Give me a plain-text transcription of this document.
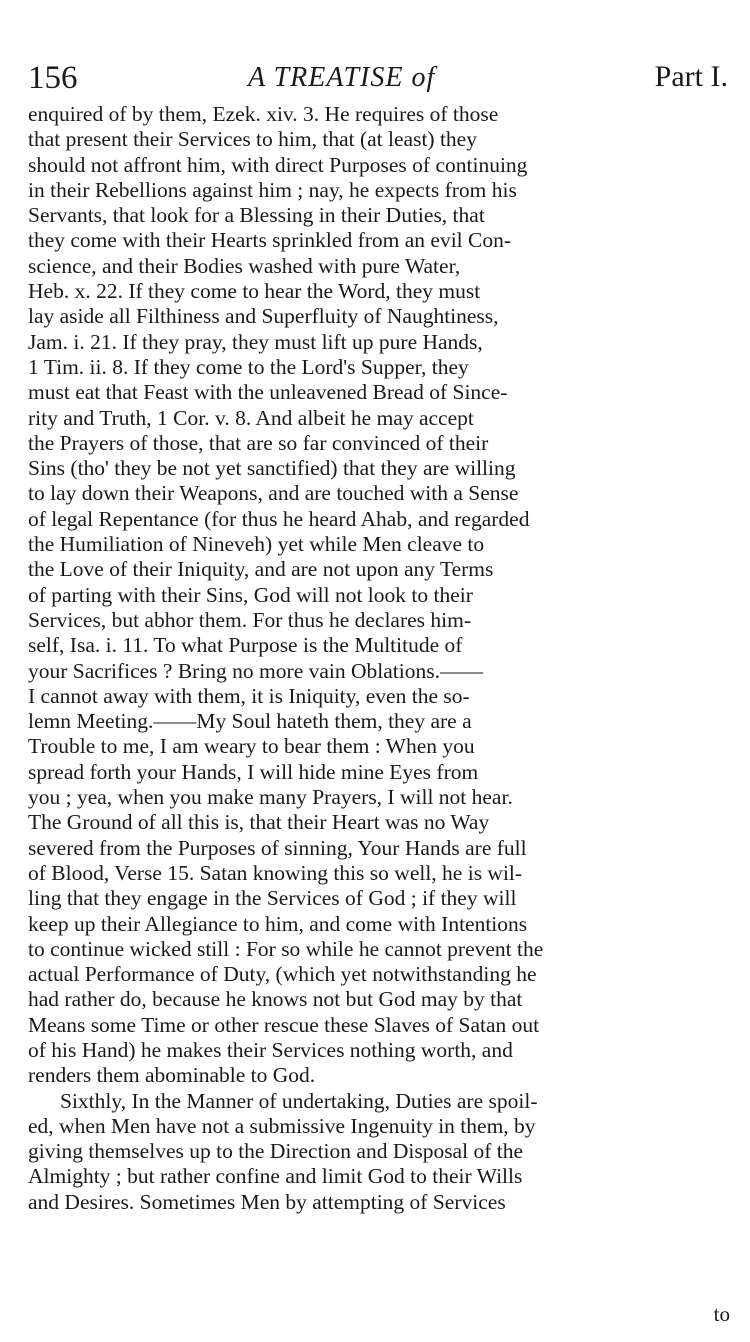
156	A TREATISE of	Part I.
enquired of by them, Ezek. xiv. 3. He requires of those
that present their Services to him, that (at least) they
should not affront him, with direct Purposes of continuing
in their Rebellions against him ; nay, he expects from his
Servants, that look for a Blessing in their Duties, that
they come with their Hearts sprinkled from an evil Con-
science, and their Bodies washed with pure Water,
Heb. x. 22. If they come to hear the Word, they must
lay aside all Filthiness and Superfluity of Naughtiness,
Jam. i. 21. If they pray, they must lift up pure Hands,
1 Tim. ii. 8. If they come to the Lord's Supper, they
must eat that Feast with the unleavened Bread of Since-
rity and Truth, 1 Cor. v. 8. And albeit he may accept
the Prayers of those, that are so far convinced of their
Sins (tho' they be not yet sanctified) that they are willing
to lay down their Weapons, and are touched with a Sense
of legal Repentance (for thus he heard Ahab, and regarded
the Humiliation of Nineveh) yet while Men cleave to
the Love of their Iniquity, and are not upon any Terms
of parting with their Sins, God will not look to their
Services, but abhor them. For thus he declares him-
self, Isa. i. 11. To what Purpose is the Multitude of
your Sacrifices ? Bring no more vain Oblations.——
I cannot away with them, it is Iniquity, even the so-
lemn Meeting.——My Soul hateth them, they are a
Trouble to me, I am weary to bear them : When you
spread forth your Hands, I will hide mine Eyes from
you ; yea, when you make many Prayers, I will not hear.
The Ground of all this is, that their Heart was no Way
severed from the Purposes of sinning, Your Hands are full
of Blood, Verse 15. Satan knowing this so well, he is wil-
ling that they engage in the Services of God ; if they will
keep up their Allegiance to him, and come with Intentions
to continue wicked still : For so while he cannot prevent the
actual Performance of Duty, (which yet notwithstanding he
had rather do, because he knows not but God may by that
Means some Time or other rescue these Slaves of Satan out
of his Hand) he makes their Services nothing worth, and
renders them abominable to God.
Sixthly, In the Manner of undertaking, Duties are spoil-
ed, when Men have not a submissive Ingenuity in them, by
giving themselves up to the Direction and Disposal of the
Almighty ; but rather confine and limit God to their Wills
and Desires. Sometimes Men by attempting of Services
to
